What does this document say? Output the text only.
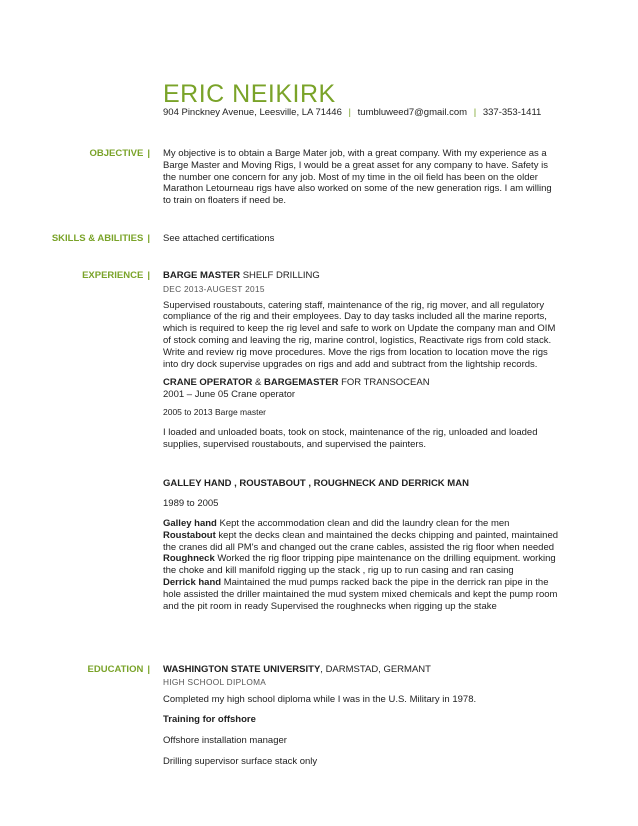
ERIC NEIKIRK
904 Pinckney Avenue, Leesville, LA 71446 | tumbluweed7@gmail.com | 337-353-1411
OBJECTIVE | My objective is to obtain a Barge Mater job, with a great company. With my experience as a Barge Master and Moving Rigs, I would be a great asset for any company to have. Safety is the number one concern for any job. Most of my time in the oil field has been on the older Marathon Letourneau rigs have also worked on some of the new generation rigs. I am willing to train on floaters if need be.

SKILLS & ABILITIES | See attached certifications

EXPERIENCE | BARGE MASTER SHELF DRILLING

DEC 2013-AUGEST 2015

Supervised roustabouts, catering staff, maintenance of the rig, rig mover, and all regulatory compliance of the rig and their employees. Day to day tasks included all the marine reports, which is required to keep the rig level and safe to work on Update the company man and OIM of stock coming and leaving the rig, marine control, logistics, Reactivate rigs from cold stack. Write and review rig move procedures. Move the rigs from location to location move the rigs into dry dock supervise upgrades on rigs and add and subtract from the lightship records.

CRANE OPERATOR & BARGEMASTER FOR TRANSOCEAN

2001 – June 05 Crane operator

2005 to 2013 Barge master

I loaded and unloaded boats, took on stock, maintenance of the rig, unloaded and loaded supplies, supervised roustabouts, and supervised the painters.

GALLEY HAND , ROUSTABOUT , ROUGHNECK AND DERRICK MAN

1989 to 2005

Galley hand Kept the accommodation clean and did the laundry clean for the men

Roustabout kept the decks clean and maintained the decks chipping and painted, maintained the cranes did all PM's and changed out the crane cables, assisted the rig floor when needed

Roughneck Worked the rig floor tripping pipe maintenance on the drilling equipment. working the choke and kill manifold rigging up the stack , rig up to run casing and ran casing

Derrick hand Maintained the mud pumps racked back the pipe in the derrick ran pipe in the hole assisted the driller maintained the mud system mixed chemicals and kept the pump room and the pit room in ready Supervised the roughnecks when rigging up the stake

EDUCATION | WASHINGTON STATE UNIVERSITY, DARMSTAD, GERMANT

HIGH SCHOOL DIPLOMA

Completed my high school diploma while I was in the U.S. Military in 1978.

Training for offshore

Offshore installation manager

Drilling supervisor surface stack only
